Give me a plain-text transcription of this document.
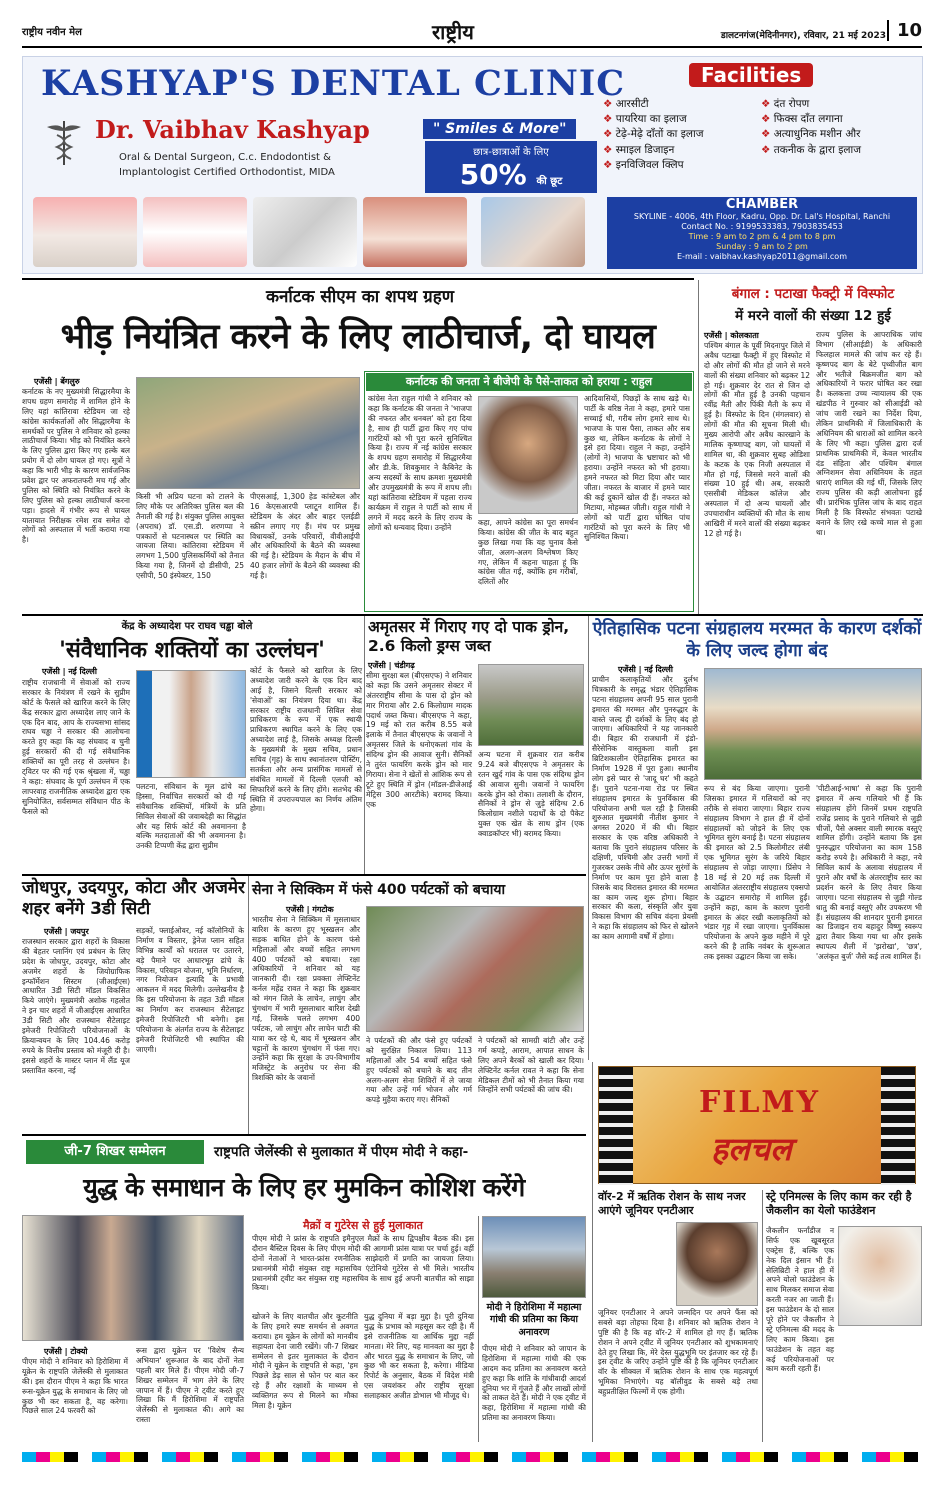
राष्ट्रीय नवीन मेल	राष्ट्रीय	डालटनगंज(मेदिनीनगर), रविवार, 21 मई 2023 10
KASHYAP'S DENTAL CLINIC
Dr. Vaibhav Kashyap
Oral & Dental Surgeon, C.c. Endodontist &
Implantologist Certified Orthodontist, MIDA
" Smiles & More"
छात्र-छात्राओं के लिए
50% की छूट
Facilities
❖ आरसीटी	❖ दंत रोपण
❖ पायरिया का इलाज	❖ फिक्स दाँत लगाना
❖ टेढ़े-मेढ़े दाँतों का इलाज	❖ अत्याधुनिक मशीन और
❖ स्माइल डिजाइन	❖ तकनीक के द्वारा इलाज
❖ इनविजिवल क्लिप
CHAMBER
SKYLINE - 4006, 4th Floor, Kadru, Opp. Dr. Lal's Hospital, Ranchi
Contact No. : 9199533383, 7903835453
Time : 9 am to 2 pm & 4 pm to 8 pm
Sunday : 9 am to 2 pm
E-mail : vaibhav.kashyap2011@gmail.com
कर्नाटक सीएम का शपथ ग्रहण
भीड़ नियंत्रित करने के लिए लाठीचार्ज, दो घायल
एजेंसी | बेंगलुरु
कर्नाटक के नए मुख्यमंत्री सिद्धारमैया के शपथ ग्रहण समारोह में शामिल होने के लिए यहां कांतिरावा स्टेडियम जा रहे कांग्रेस कार्यकर्ताओं और सिद्धारमैया के समर्थकों पर पुलिस ने शनिवार को हल्का लाठीचार्ज किया। भीड़ को नियंत्रित करने के लिए पुलिस द्वारा किए गए हल्के बल प्रयोग में दो लोग घायल हो गए। सूत्रों ने कहा कि भारी भीड़ के कारण सार्वजनिक प्रवेश द्वार पर अफरातफरी मच गई और पुलिस को स्थिति को नियंत्रित करने के लिए पुलिस को हल्का लाठीचार्ज करना पड़ा। हादसे में गंभीर रूप से घायल यातायात निरीक्षक रमेश राव समेत दो लोगों को अस्पताल में भर्ती कराया गया है।
किसी भी अप्रिय घटना को टालने के लिए मौके पर अतिरिक्त पुलिस बल की तैनाती की गई है। संयुक्त पुलिस आयुक्त (अपराध) डॉ. एस.डी. शरणप्पा ने पत्रकारों से घटनास्थल पर स्थिति का जायजा लिया। कांतिरावा स्टेडियम में लगभग 1,500 पुलिसकर्मियों को तैनात किया गया है, जिनमें दो डीसीपी, 25 एसीपी, 50 इंस्पेक्टर, 150
पीएसआई, 1,300 हेड कांस्टेबल और 16 केएसआरपी प्लाटून शामिल हैं। स्टेडियम के अंदर और बाहर एलईडी स्क्रीन लगाए गए हैं। मंच पर प्रमुख विधायकों, उनके परिवारों, वीवीआईपी और अधिकारियों के बैठने की व्यवस्था की गई है। स्टेडियम के मैदान के बीच में 40 हजार लोगों के बैठने की व्यवस्था की गई है।
कर्नाटक की जनता ने बीजेपी के पैसे-ताकत को हराया : राहुल
कांग्रेस नेता राहुल गांधी ने शनिवार को कहा कि कर्नाटक की जनता ने 'भाजपा की नफरत और धनबल' को हरा दिया है, साथ ही पार्टी द्वारा किए गए पांच गारंटियों को भी पूरा करने सुनिश्चित किया है। राज्य में नई कांग्रेस सरकार के शपथ ग्रहण समारोह में सिद्धारमैया और डी.के. शिवकुमार ने कैबिनेट के अन्य सदस्यों के साथ क्रमशः मुख्यमंत्री और उपमुख्यमंत्री के रूप में शपथ ली। यहां कांतिरावा स्टेडियम में पहला राज्य कार्यक्रम में राहुल ने पार्टी को साथ में लगने में मदद करने के लिए राज्य के लोगों को धन्यवाद दिया। उन्होंने
कहा, आपने कांग्रेस का पूरा समर्थन किया। कांग्रेस की जीत के बाद बहुत कुछ लिखा गया कि यह चुनाव कैसे जीता, अलग-अलग विश्लेषण किए गए, लेकिन मैं कहना चाहता हूं कि कांग्रेस जीत गई, क्योंकि हम गरीबों, दलितों और
आदिवासियों, पिछड़ों के साथ खड़े थे। पार्टी के वरिष्ठ नेता ने कहा, हमारे पास सच्चाई थी, गरीब लोग हमारे साथ थे। भाजपा के पास पैसा, ताकत और सब कुछ था, लेकिन कर्नाटक के लोगों ने इसे हरा दिया। राहुल ने कहा, उन्होंने (लोगों ने) भाजपा के भ्रष्टाचार को भी हराया। उन्होंने नफरत को भी हराया। हमने नफरत को मिटा दिया और प्यार जीता। नफरत के बाजार में हमने प्यार की कई दुकानें खोल दी हैं। नफरत को मिटाया, मोहब्बत जीती। राहुल गांधी ने लोगों को पार्टी द्वारा घोषित पांच गारंटियों को पूरा करने के लिए भी सुनिश्चित किया।
बंगाल : पटाखा फैक्ट्री में विस्फोट
में मरने वालों की संख्या 12 हुई
एजेंसी | कोलकाता
पश्चिम बंगाल के पूर्वी मिदनापुर जिले में अवैध पटाखा फैक्ट्री में हुए विस्फोट में दो और लोगों की मौत हो जाने से मरने वालों की संख्या शनिवार को बढ़कर 12 हो गई। शुक्रवार देर रात से जिन दो लोगों की मौत हुई है उनकी पहचान रवींद्र मैती और पिंकी मैती के रूप में हुई है। विस्फोट के दिन (मंगलवार) से लोगों की मौत की सूचना मिली थी। मुख्य आरोपी और अवैध कारखाने के मालिक कृष्णापद्द बाग, जो घायलों में शामिल था, की शुक्रवार सुबह ओडिशा के कटक के एक निजी अस्पताल में मौत हो गई, जिससे मरने वालों की संख्या 10 हुई थी। अब, सरकारी एससीबी मेडिकल कॉलेज और अस्पताल में दो अन्य घायलों और उपचाराधीन व्यक्तियों की मौत के साथ आखिरी में मरने वालों की संख्या बढ़कर 12 हो गई है।
राज्य पुलिस के आपराधिक जांच विभाग (सीआईडी) के अधिकारी फिलहाल मामले की जांच कर रहे हैं। कृष्णपद बाग के बेटे पृथ्वीजीत बाग और भतीजे बिक्रमजीत बाग को अधिकारियों ने फरार घोषित कर रखा है। कलकत्ता उच्च न्यायालय की एक खंडपीठ ने गुरुवार को सीआईडी को जांच जारी रखने का निर्देश दिया, लेकिन प्राथमिकी में जिलाधिकारी के अधिनियम की धाराओं को शामिल करने के लिए भी कहा। पुलिस द्वारा दर्ज प्राथमिक प्राथमिकी में, केवल भारतीय दंड संहिता और पश्चिम बंगाल अग्निशमन सेवा अधिनियम के तहत धाराएं शामिल की गई थीं, जिसके लिए राज्य पुलिस की कड़ी आलोचना हुई थी। प्रारंभिक पुलिस जांच के बाद राहत मिली है कि विस्फोट संभवतः पटाखे बनाने के लिए रखे कच्चे माल से हुआ था।
केंद्र के अध्यादेश पर राघव चड्ढा बोले
'संवैधानिक शक्तियों का उल्लंघन'
एजेंसी | नई दिल्ली
राष्ट्रीय राजधानी में सेवाओं को राज्य सरकार के नियंत्रण में रखने के सुप्रीम कोर्ट के फैसले को खारिज करने के लिए केंद्र सरकार द्वारा अध्यादेश लाए जाने के एक दिन बाद, आप के राज्यसभा सांसद राघव चड्ढा ने सरकार की आलोचना करते हुए कहा कि यह संघवाद व चुनी हुई सरकारों की दी गई संवैधानिक शक्तियों का पूरी तरह से उल्लंघन है। ट्विटर पर की गई एक श्रृंखला में, चड्ढा ने कहा: संघवाद के पूर्ण उल्लंघन में एक लापरवाह राजनीतिक अध्यादेश द्वारा एक सुनियोजित, सर्वसम्मत संविधान पीठ के फैसले को
पलटना, संविधान के मूल ढांचे का हिस्सा, निर्वाचित सरकारों को दी गई संवैधानिक शक्तियों, मंत्रियों के प्रति सिविल सेवाओं की जवाबदेही का सिद्धांत और यह सिर्फ कोर्ट की अवमानना है बल्कि मतदाताओं की भी अवमानना है। उनकी टिप्पणी केंद्र द्वारा सुप्रीम
कोर्ट के फैसले को खारिज के लिए अध्यादेश जारी करने के एक दिन बाद आई है, जिसने दिल्ली सरकार को 'सेवाओं' का नियंत्रण दिया था। केंद्र सरकार राष्ट्रीय राजधानी सिविल सेवा प्राधिकरण के रूप में एक स्थायी प्राधिकरण स्थापित करने के लिए एक अध्यादेश लाई है, जिसके अध्यक्ष दिल्ली के मुख्यमंत्री के मुख्य सचिव, प्रधान सचिव (गृह) के साथ स्थानांतरण पोस्टिंग, सतर्कता और अन्य प्रासंगिक मामलों से संबंधित मामलों में दिल्ली एलजी को सिफारिशें करने के लिए होंगे। सतभेद की स्थिति में उपराज्यपाल का निर्णय अंतिम होगा।
अमृतसर में गिराए गए दो पाक ड्रोन, 2.6 किलो ड्रग्स जब्त
एजेंसी | चंडीगढ़
सीमा सुरक्षा बल (बीएसएफ) ने शनिवार को कहा कि उसने अमृतसर सेक्टर में अंतरराष्ट्रीय सीमा के पास दो ड्रोन को मार गिराया और 2.6 किलोग्राम मादक पदार्थ जब्त किया। बीएसएफ ने कहा, 19 मई को रात करीब 8.55 बजे इलाके में तैनात बीएसएफ के जवानों ने अमृतसर जिले के धनोएकलां गांव के संदिग्ध ड्रोन की आवाज सुनी। सैनिकों ने तुरंत फायरिंग करके ड्रोन को मार गिराया। सेना ने खेतों से आंशिक रूप से टूटे हुए स्थिति में ड्रोन (मॉडल-डीजेआई मेट्रिस 300 आरटीके) बरामद किया। एक
अन्य घटना में शुक्रवार रात करीब 9.24 बजे बीएसएफ ने अमृतसर के रतन खुर्द गांव के पास एक संदिग्ध ड्रोन की आवाज सुनी। जवानों ने फायरिंग करके ड्रोन को रोका। तलाशी के दौरान, सैनिकों ने ड्रोन से जुड़े संदिग्ध 2.6 किलोग्राम नशीले पदार्थों के दो पैकेट युक्त एक खेत के साथ ड्रोन (एक क्वाडकॉप्टर भी) बरामद किया।
ऐतिहासिक पटना संग्रहालय मरम्मत के कारण दर्शकों के लिए जल्द होगा बंद
एजेंसी | नई दिल्ली
प्राचीन कलाकृतियों और दुर्लभ चित्रकारी के समृद्ध भंडार ऐतिहासिक पटना संग्रहालय अपनी 95 साल पुरानी इमारत की मरम्मत और पुनरुद्धार के वास्ते जल्द ही दर्शकों के लिए बंद हो जाएगा। अधिकारियों ने यह जानकारी दी। बिहार की राजधानी में इंडो-सैरेसेनिक वास्तुकला वाली इस ब्रिटिशकालीन ऐतिहासिक इमारत का निर्माण 1928 में पूरा हुआ। स्थानीय लोग इसे प्यार से 'जादू घर' भी कहते हैं। पुराने पटना-गया रोड पर स्थित संग्रहालय इमारत के पुनर्विकास की परियोजना अभी चल रही है जिसकी शुरुआत मुख्यमंत्री नीतीश कुमार ने अगस्त 2020 में की थी। बिहार सरकार के एक वरिष्ठ अधिकारी ने बताया कि पुराने संग्रहालय परिसर के दक्षिणी, पश्चिमी और उत्तरी भागों में गुजरकर उसके नीचे और ऊपर सुरंगों के निर्माण पर काम पूरा होने वाला है जिसके बाद विरासत इमारत की मरम्मत का काम जल्द शुरू होगा। बिहार सरकार की कला, संस्कृति और युवा विकास विभाग की सचिव वंदना प्रेयसी ने कहा कि संग्रहालय को फिर से खोलने का काम आगामी वर्षों में होगा।
रूप से बंद किया जाएगा। पुरानी जिसका इमारत में गलियारों को नए तरीके से संवारा जाएगा। बिहार राज्य संग्रहालय विभाग ने हाल ही में दोनों संग्रहालयों को जोड़ने के लिए एक भूमिगत सुरंग बनाई है। पटना संग्रहालय की इमारत को 2.5 किलोमीटर लंबी एक भूमिगत सुरंग के जरिये बिहार संग्रहालय से जोड़ा जाएगा। प्रिंसेप ने 18 मई से 20 मई तक दिल्ली में आयोजित अंतरराष्ट्रीय संग्रहालय एक्सपो के उद्घाटन समारोह में शामिल हुईं। उन्होंने कहा, काम के कारण पुरानी इमारत के अंदर रखी कलाकृतियों को भंडार गृह में रखा जाएगा। पुनर्विकास परियोजना के अपने कुछ महीने में पूरे करने की है ताकि नवंबर के शुरूआत तक इसका उद्घाटन किया जा सके।
'पीटीआई-भाषा' से कहा कि पुरानी इमारत में अन्य गलियारे भी हैं कि संग्रहालय होंगे जिनमें प्रथम राष्ट्रपति राजेंद्र प्रसाद के पुराने गलियारे से जुड़ी चीजों, पैसे अक्सर वाली स्मारक वस्तुएं शामिल होंगी। उन्होंने बताया कि इस पुनरुद्धार परियोजना का काम 158 करोड़ रुपये है। अधिकारी ने कहा, नये सिविल कार्य के अलावा संग्रहालय में पुराने और वर्षों के अंतरराष्ट्रीय स्तर का प्रदर्शन करने के लिए तैयार किया जाएगा। पटना संग्रहालय से जुड़ी गोल्ड धातु की बनाई वस्तुएं और उपकरण भी हैं। संग्रहालय की शानदार पुरानी इमारत का डिजाइन राय बहादुर विष्णु स्वरूप द्वारा तैयार किया गया था और इसके स्थापत्य शैली में 'झरोखा', 'छत्र', 'अलंकृत बुर्ज' जैसे कई तत्व शामिल हैं।
जोधपुर, उदयपुर, कोटा और अजमेर शहर बनेंगे 3डी सिटी
एजेंसी | जयपुर
राजस्थान सरकार द्वारा शहरों के विकास की बेहतर प्लानिंग एवं प्रबंधन के लिए प्रदेश के जोधपुर, उदयपुर, कोटा और अजमेर शहरों के जियोग्राफिक इन्फॉर्मेशन सिस्टम (जीआईएस) आधारित 3डी सिटी मॉडल विकसित किये जाएंगे। मुख्यमंत्री अशोक गहलोत ने इन चार शहरों में जीआईएस आधारित 3डी सिटी और राजस्थान सैटेलाइट इमेजरी रिपोजिटरी परियोजनाओं के क्रियान्वयन के लिए 104.46 करोड़ रुपये के वित्तीय प्रस्ताव को मंजूरी दी है। इससे शहरों के मास्टर प्लान में लैंड यूज प्रस्तावित करना, नई
सड़कों, फ्लाईओवर, नई कॉलोनियों के निर्माण व विस्तार, ड्रेनेज प्लान सहित विभिन्न कार्यों को धरातल पर उतारने, बड़े पैमाने पर आधारभूत ढांचे के विकास, परिवहन योजना, भूमि निर्धारण, नगर नियोजन इत्यादि के प्रभावी आकलन में मदद मिलेगी। उल्लेखनीय है कि इस परियोजना के तहत 3डी मॉडल का निर्माण कर राजस्थान सैटेलाइट इमेजरी रिपोजिटरी भी बनेगी। इस परियोजना के अंतर्गत राज्य के सैटेलाइट इमेजरी रिपोजिटरी भी स्थापित की जाएगी।
सेना ने सिक्किम में फंसे 400 पर्यटकों को बचाया
एजेंसी | गंगटोक
भारतीय सेना ने सिक्किम में मूसलाधार बारिश के कारण हुए भूस्खलन और सड़क बाधित होने के कारण फंसे महिलाओं और बच्चों सहित लगभग 400 पर्यटकों को बचाया। रक्षा अधिकारियों ने शनिवार को यह जानकारी दी। रक्षा प्रवक्ता लेफ्टिनेंट कर्नल महेंद्र रावत ने कहा कि शुक्रवार को मंगन जिले के लाचेन, लाचुंग और चुंगथांग में भारी मूसलाधार बारिश देखी गई, जिसके चलते लगभग 400 पर्यटक, जो लाचुंग और लाचेन घाटी की यात्रा कर रहे थे, बाद में भूस्खलन और चट्टानों के कारण चुंगथांग में फंस गए। उन्होंने कहा कि सुरक्षा के उप-विभागीय मजिस्ट्रेट के अनुरोध पर सेना की त्रिशक्ति कोर के जवानों
ने पर्यटकों की और फंसे हुए पर्यटकों को सुरक्षित निकाल लिया। 113 महिलाओं और 54 बच्चों सहित फंसे हुए पर्यटकों को बचाने के बाद तीन अलग-अलग सेना शिविरों में ले जाया गया और उन्हें गर्म भोजन और गर्म कपड़े मुहैया कराए गए। सैनिकों
ने पर्यटकों को सामग्री बांटी और उन्हें गर्म कपड़े, आराम, आपात साधन के लिए अपने बैरकों को खाली कर दिया। लेफ्टिनेंट कर्नल रावत ने कहा कि सेना मेडिकल टीमों को भी तैनात किया गया जिन्होंने सभी पर्यटकों की जांच की।
जी-7 शिखर सम्मेलन	राष्ट्रपति जेलेंस्की से मुलाकात में पीएम मोदी ने कहा-
युद्ध के समाधान के लिए हर मुमकिन कोशिश करेंगे
मैक्रों व गुटेरेस से हुई मुलाकात
पीएम मोदी ने फ्रांस के राष्ट्रपति इमैनुएल मैक्रों के साथ द्विपक्षीय बैठक की। इस दौरान बैस्टिल दिवस के लिए पीएम मोदी की आगामी फ्रांस यात्रा पर चर्चा हुई। वहीं दोनों नेताओं ने भारत-फ्रांस रणनीतिक साझेदारी में प्रगति का जायजा लिया। प्रधानमंत्री मोदी संयुक्त राष्ट्र महासचिव एंटोनियो गुटेरेस से भी मिले। भारतीय प्रधानमंत्री ट्वीट कर संयुक्त राष्ट्र महासचिव के साथ हुई अपनी बातचीत को साझा किया।
एजेंसी | टोक्यो
पीएम मोदी ने शनिवार को हिरोशिमा में यूक्रेन के राष्ट्रपति जेलेंस्की से मुलाकात की। इस दौरान पीएम ने कहा कि भारत रूस-यूक्रेन युद्ध के समाधान के लिए जो कुछ भी कर सकता है, वह करेगा। पिछले साल 24 फरवरी को
रूस द्वारा यूक्रेन पर 'विशेष सैन्य अभियान' शुरूआत के बाद दोनों नेता पहली बार मिले हैं। पीएम मोदी जी-7 शिखर सम्मेलन में भाग लेने के लिए जापान में हैं। पीएम ने ट्वीट करते हुए लिखा कि मैं हिरोशिमा में राष्ट्रपति जेलेंस्की से मुलाकात की। आगे का रास्ता
खोजने के लिए बातचीत और कूटनीति के लिए हमारे स्पष्ट समर्थन से अवगत कराया। हम यूक्रेन के लोगों को मानवीय सहायता देना जारी रखेंगे। जी-7 शिखर सम्मेलन से इतर मुलाकात के दौरान मोदी ने यूक्रेन के राष्ट्रपति से कहा, 'हम पिछले डेढ़ साल से फोन पर बात कर रहे हैं और रक्षाशों के माध्यम से व्यक्तिगत रूप से मिलने का मौका मिला है। यूक्रेन
युद्ध दुनिया में बड़ा मुद्दा है। पूरी दुनिया युद्ध के प्रभाव को महसूस कर रही है। मैं इसे राजनीतिक या आर्थिक मुद्दा नहीं मानता। मेरे लिए, यह मानवता का मुद्दा है और भारत युद्ध के समाधान के लिए, जो कुछ भी कर सकता है, करेगा। मीडिया रिपोर्ट के अनुसार, बैठक में विदेश मंत्री एस जयशंकर और राष्ट्रीय सुरक्षा सलाहकार अजीत डोभाल भी मौजूद थे।
मोदी ने हिरोशिमा में महात्मा गांधी की प्रतिमा का किया अनावरण
पीएम मोदी ने शनिवार को जापान के हिरोशिमा में महात्मा गांधी की एक आदम कद प्रतिमा का अनावरण करते हुए कहा कि शांति के गांधीवादी आदर्श दुनिया भर में गूंजते हैं और लाखों लोगों को ताकत देते हैं। मोदी ने एक ट्वीट में कहा, हिरोशिमा में महात्मा गांधी की प्रतिमा का अनावरण किया।
FILMY
हलचल
वॉर-2 में ऋतिक रोशन के साथ नजर आएंगे जूनियर एनटीआर
जूनियर एनटीआर ने अपने जन्मदिन पर अपने फैंस को सबसे बड़ा तोहफा दिया है। शनिवार को ऋतिक रोशन ने पुष्टि की है कि वह वॉर-2 में शामिल हो गए हैं। ऋतिक रोशन ने अपने ट्वीट में जूनियर एनटीआर को शुभकामनाएं देते हुए लिखा कि, मेरे देस्त युद्धभूमि पर इंतजार कर रहे हैं। इस ट्वीट के जरिए उन्होंने पुष्टि की है कि जूनियर एनटीआर वॉर के सीक्वल में ऋतिक रोशन के साथ एक महत्वपूर्ण भूमिका निभाएंगे। यह बॉलीवुड के सबसे बड़े तथा बहुप्रतीक्षित फिल्मों में एक होगी।
स्ट्रे एनिमल्स के लिए काम कर रही है जैकलीन का येलो फाउंडेशन
जैकलीन फर्नांडीज न सिर्फ एक खूबसूरत एक्ट्रेस हैं, बल्कि एक नेक दिल इंसान भी हैं। सेलिब्रिटी ने हाल ही में अपने योलो फाउंडेशन के साथ मिलकर समाज सेवा करती नजर आ जाती हैं। इस फाउंडेशन के दो साल पूरे होने पर जैकलीन ने स्ट्रे एनिमल्स की मदद के लिए काम किया। इस फाउंडेशन के तहत वह कई परियोजनाओं पर काम करती रहती हैं।
